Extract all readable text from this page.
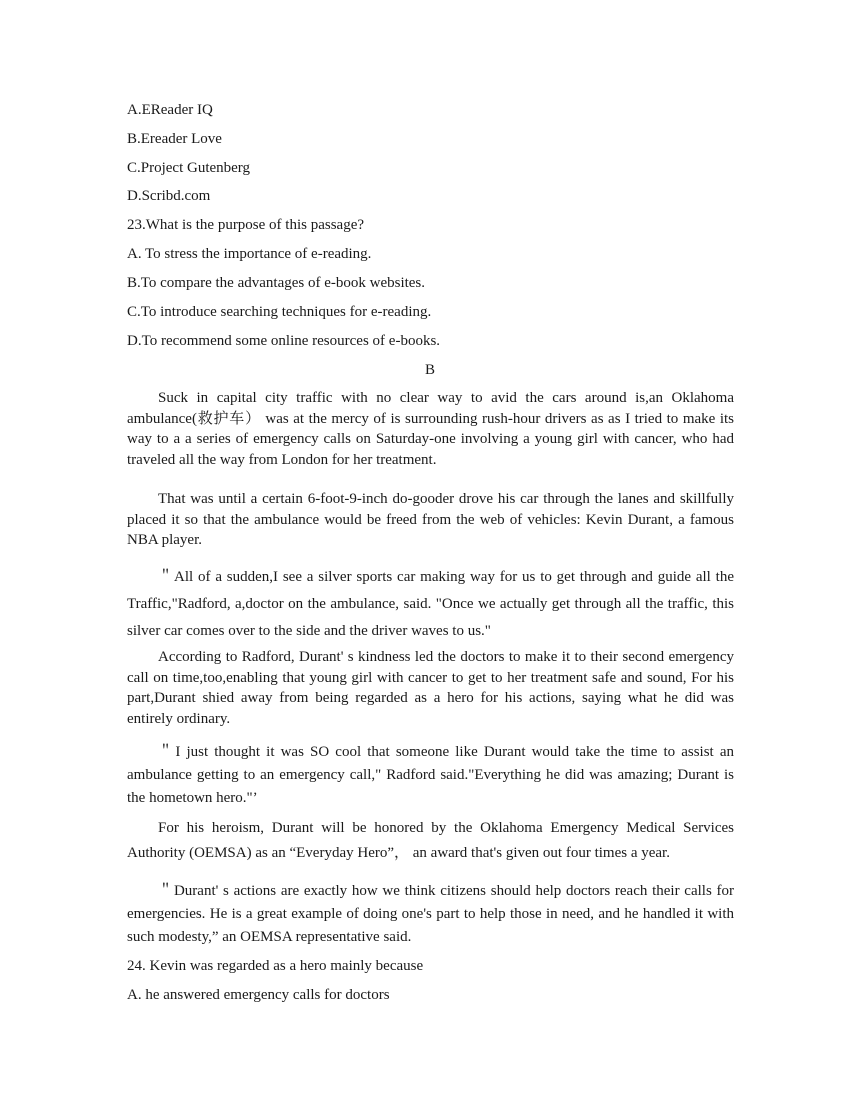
A.EReader IQ
B.Ereader Love
C.Project Gutenberg
D.Scribd.com
23.What is the purpose of this passage?
A. To stress the importance of e-reading.
B.To compare the advantages of e-book websites.
C.To introduce searching techniques for e-reading.
D.To recommend some online resources of e-books.
B

Suck in capital city traffic with no clear way to avid the cars around is,an Oklahoma ambulance(救护车） was at the mercy of is surrounding rush-hour drivers as as I tried to make its way to a a series of emergency calls on Saturday-one involving a young girl with cancer, who had traveled all the way from London for her treatment.

That was until a certain 6-foot-9-inch do-gooder drove his car through the lanes and skillfully placed it so that the ambulance would be freed from the web of vehicles: Kevin Durant, a famous NBA player.

＂All of a sudden,I see a silver sports car making way for us to get through and guide all the Traffic,"Radford, a,doctor on the ambulance, said. "Once we actually get through all the traffic, this silver car comes over to the side and the driver waves to us."

According to Radford, Durant' s kindness led the doctors to make it to their second emergency call on time,too,enabling that young girl with cancer to get to her treatment safe and sound, For his part,Durant shied away from being regarded as a hero for his actions, saying what he did was entirely ordinary.

＂I just thought it was SO cool that someone like Durant would take the time to assist an ambulance getting to an emergency call," Radford said."Everything he did was amazing; Durant is the hometown hero."’

For his heroism, Durant will be honored by the Oklahoma Emergency Medical Services Authority (OEMSA) as an “Everyday Hero”， an award that's given out four times a year.

＂Durant' s actions are exactly how we think citizens should help doctors reach their calls for emergencies. He is a great example of doing one's part to help those in need, and he handled it with such modesty,” an OEMSA representative said.

24. Kevin was regarded as a hero mainly because
A. he answered emergency calls for doctors
